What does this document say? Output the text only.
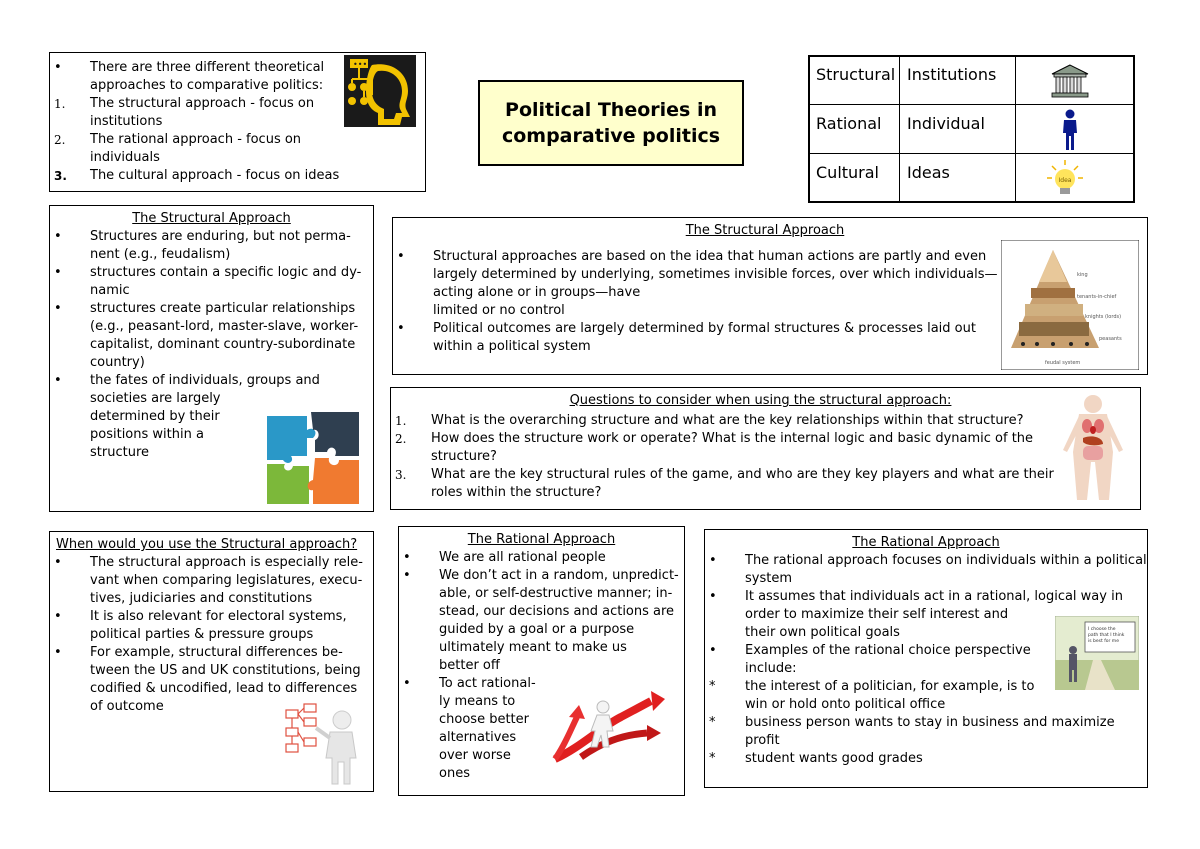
• There are three different theoretical
approaches to comparative politics:
1. The structural approach - focus on
institutions
2. The rational approach - focus on
individuals
3. The cultural approach - focus on ideas
•••
Political Theories in
comparative politics
Structural Institutions
Rational Individual
Cultural Ideas	Idea
The Structural Approach
• Structures are enduring, but not perma-
nent (e.g., feudalism)
• structures contain a specific logic and dy-
namic
• structures create particular relationships
(e.g., peasant-lord, master-slave, worker-
capitalist, dominant country-subordinate
country)
• the fates of individuals, groups and
societies are largely
determined by their
positions within a
structure
The Structural Approach
• Structural approaches are based on the idea that human actions are partly and even
largely determined by underlying, sometimes invisible forces, over which individuals—
acting alone or in groups—have
limited or no control
• Political outcomes are largely determined by formal structures & processes laid out
within a political system
king
tenants-in-chief
knights (lords)
peasants
feudal system
Questions to consider when using the structural approach:
1. What is the overarching structure and what are the key relationships within that structure?
2. How does the structure work or operate? What is the internal logic and basic dynamic of the
structure?
3. What are the key structural rules of the game, and who are they key players and what are their
roles within the structure?
When would you use the Structural approach?
• The structural approach is especially rele-
vant when comparing legislatures, execu-
tives, judiciaries and constitutions
• It is also relevant for electoral systems,
political parties & pressure groups
• For example, structural differences be-
tween the US and UK constitutions, being
codified & uncodified, lead to differences
of outcome
The Rational Approach
• We are all rational people
• We don’t act in a random, unpredict-
able, or self-destructive manner; in-
stead, our decisions and actions are
guided by a goal or a purpose
ultimately meant to make us
better off
• To act rational-
ly means to
choose better
alternatives
over worse
ones
The Rational Approach
• The rational approach focuses on individuals within a political
system
• It assumes that individuals act in a rational, logical way in
order to maximize their self interest and
their own political goals
• Examples of the rational choice perspective
include:
* the interest of a politician, for example, is to
win or hold onto political office
* business person wants to stay in business and maximize
profit
* student wants good grades
I choose the path that I think is best for me
